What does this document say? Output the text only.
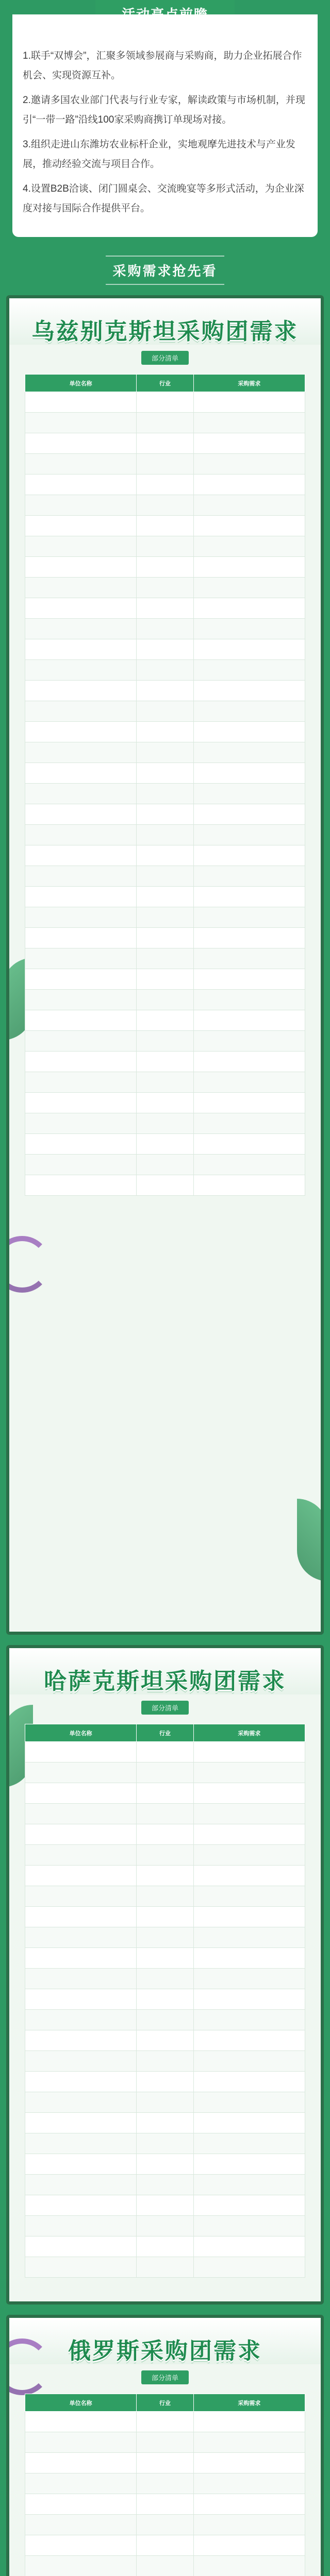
活动亮点前瞻

1.联手“双博会”，汇聚多领域参展商与采购商，助力企业拓展合作机会、实现资源互补。

2.邀请多国农业部门代表与行业专家，解读政策与市场机制，并现引“一带一路”沿线100家采购商携订单现场对接。

3.组织走进山东潍坊农业标杆企业，实地观摩先进技术与产业发展，推动经验交流与项目合作。

4.设置B2B洽谈、闭门圆桌会、交流晚宴等多形式活动，为企业深度对接与国际合作提供平台。

采购需求抢先看
乌兹别克斯坦采购团需求
部分清单
单位名称	行业	采购需求

哈萨克斯坦采购团需求
部分清单
单位名称	行业	采购需求

俄罗斯采购团需求
部分清单
单位名称	行业	采购需求
